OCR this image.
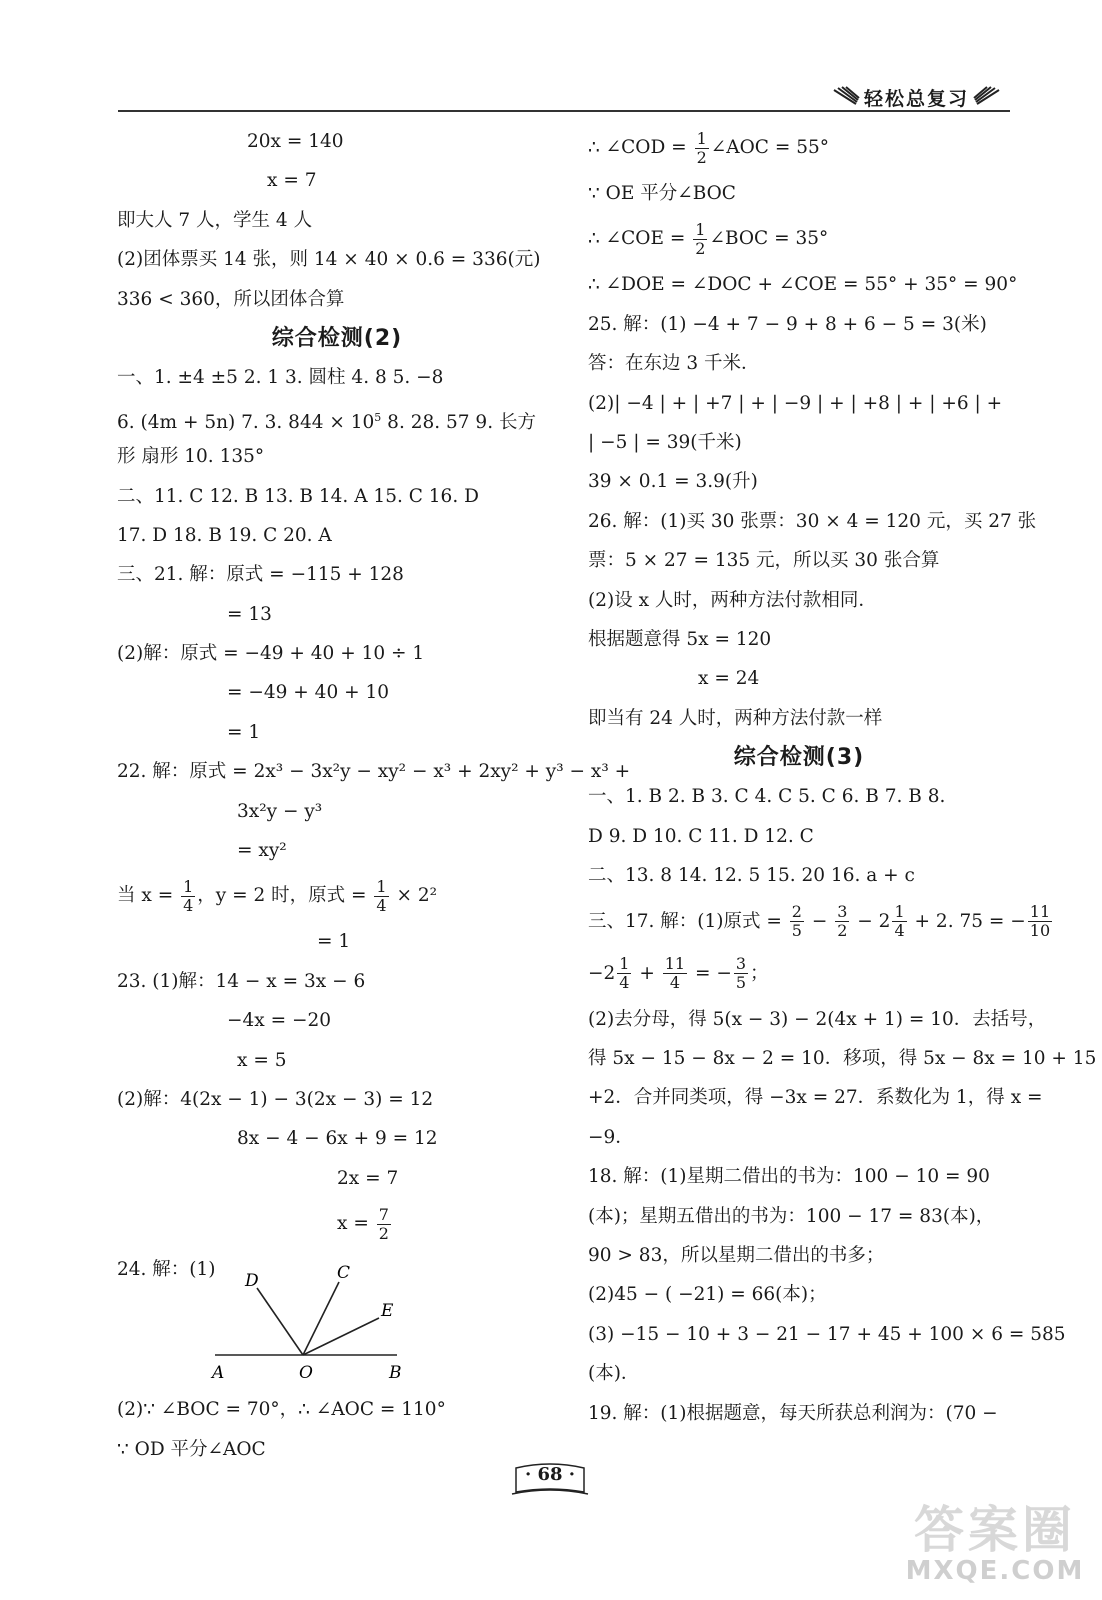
轻松总复习
20x = 140
x = 7
即大人 7 人，学生 4 人
(2)团体票买 14 张，则 14 × 40 × 0.6 = 336(元)
336 < 360，所以团体合算
综合检测(2)
一、1. ±4 ±5 2. 1 3. 圆柱 4. 8 5. −8
6. (4m + 5n) 7. 3. $844 \times 10^5$ 8. 28. 57 9. 长方
形 扇形 10. 135°
二、11. C 12. B 13. B 14. A 15. C 16. D
17. D 18. B 19. C 20. A
三、21. 解：原式 = −115 + 128
= 13
(2)解：原式 = −49 + 40 + 10 ÷ 1
= −49 + 40 + 10
= 1
22. 解：原式 = 2x³ − 3x²y − xy² − x³ + 2xy² + y³ − x³ +
3x²y − y³
= xy²
当 $x = \frac{1}{4}$ ，y = 2 时，原式 = $\frac{1}{4} \times 2^2$
= 1
23. (1)解：14 − x = 3x − 6
−4x = −20
x = 5
(2)解：4(2x − 1) − 3(2x − 3) = 12
8x − 4 − 6x + 9 = 12
2x = 7
$x = \frac{7}{2}$
24. 解：(1)
D	C
E
A	O	B
(2)∵ ∠BOC = 70°，∴ ∠AOC = 110°
∵ OD 平分∠AOC
∴ ∠COD = $\frac{1}{2}$ ∠AOC = 55°
∵ OE 平分∠BOC
∴ ∠COE = $\frac{1}{2}$ ∠BOC = 35°
∴ ∠DOE = ∠DOC + ∠COE = 55° + 35° = 90°
25. 解：(1) −4 + 7 − 9 + 8 + 6 − 5 = 3(米)
答：在东边 3 千米．
(2)| −4 | + | +7 | + | −9 | + | +8 | + | +6 | +
| −5 | = 39(千米)
39 × 0.1 = 3.9(升)
26. 解：(1)买 30 张票：30 × 4 = 120 元，买 27 张
票：5 × 27 = 135 元，所以买 30 张合算
(2)设 x 人时，两种方法付款相同．
根据题意得 5x = 120
x = 24
即当有 24 人时，两种方法付款一样
综合检测(3)
一、1. B 2. B 3. C 4. C 5. C 6. B 7. B 8.
D 9. D 10. C 11. D 12. C
二、13. 8 14. 12. 5 15. 20 16. a + c
三、17. 解：(1)原式 = $\frac{2}{5} - \frac{3}{2} - 2 \frac{1}{4} + 2$. 75 = − $\frac{11}{10}$
$-2 \frac{1}{4} + \frac{11}{4}$ = − $\frac{3}{5}$ ；
(2)去分母，得 5(x − 3) − 2(4x + 1) = 10．去括号，
得 5x − 15 − 8x − 2 = 10．移项，得 5x − 8x = 10 + 15
+2．合并同类项，得 −3x = 27．系数化为 1，得 x =
−9．
18. 解：(1)星期二借出的书为：100 − 10 = 90
(本)；星期五借出的书为：100 − 17 = 83(本)，
90 > 83，所以星期二借出的书多；
(2)45 − ( −21) = 66(本)；
(3) −15 − 10 + 3 − 21 − 17 + 45 + 100 × 6 = 585
(本)．
19. 解：(1)根据题意，每天所获总利润为：(70 −
· 68 ·
答案圈
MXQE.COM
